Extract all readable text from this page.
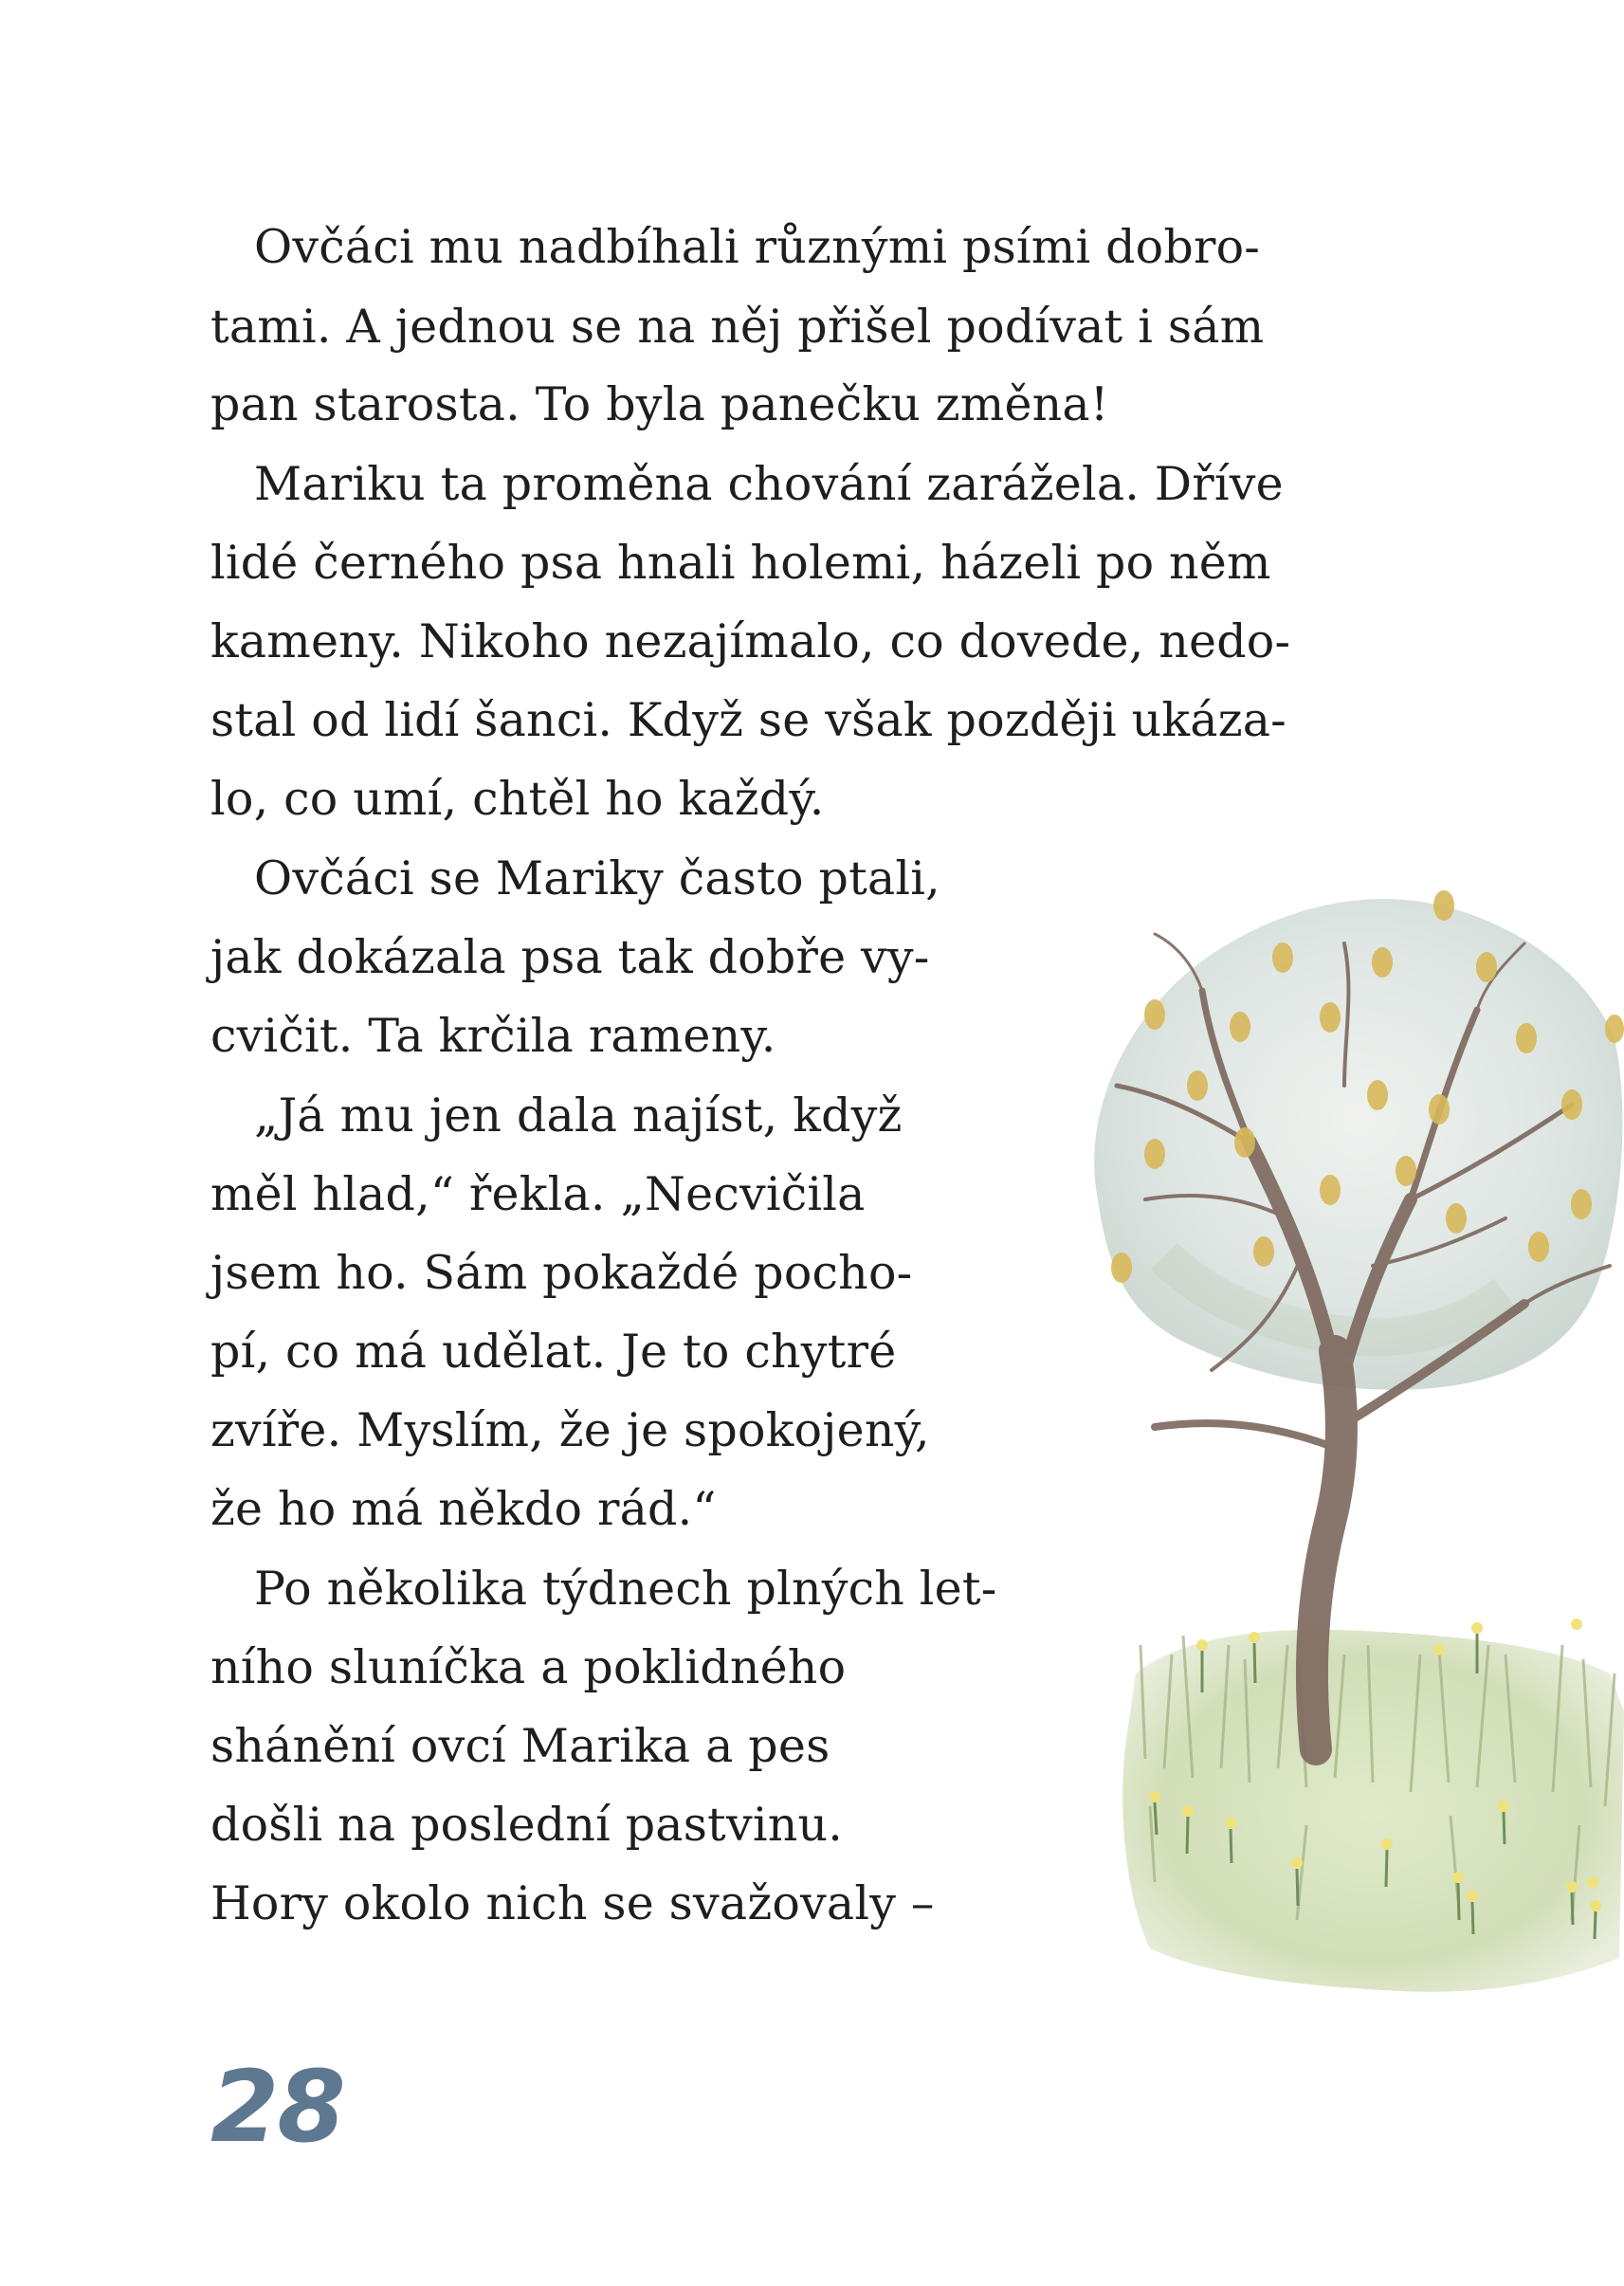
Ovčáci mu nadbíhali různými psími dobro-
tami. A jednou se na něj přišel podívat i sám
pan starosta. To byla panečku změna!
Mariku ta proměna chování zarážela. Dříve
lidé černého psa hnali holemi, házeli po něm
kameny. Nikoho nezajímalo, co dovede, nedo-
stal od lidí šanci. Když se však později ukáza-
lo, co umí, chtěl ho každý.
Ovčáci se Mariky často ptali,
jak dokázala psa tak dobře vy-
cvičit. Ta krčila rameny.
„Já mu jen dala najíst, když
měl hlad,“ řekla. „Necvičila
jsem ho. Sám pokaždé pocho-
pí, co má udělat. Je to chytré
zvíře. Myslím, že je spokojený,
že ho má někdo rád.“
Po několika týdnech plných let-
ního sluníčka a poklidného
shánění ovcí Marika a pes
došli na poslední pastvinu.
Hory okolo nich se svažovaly –
28
